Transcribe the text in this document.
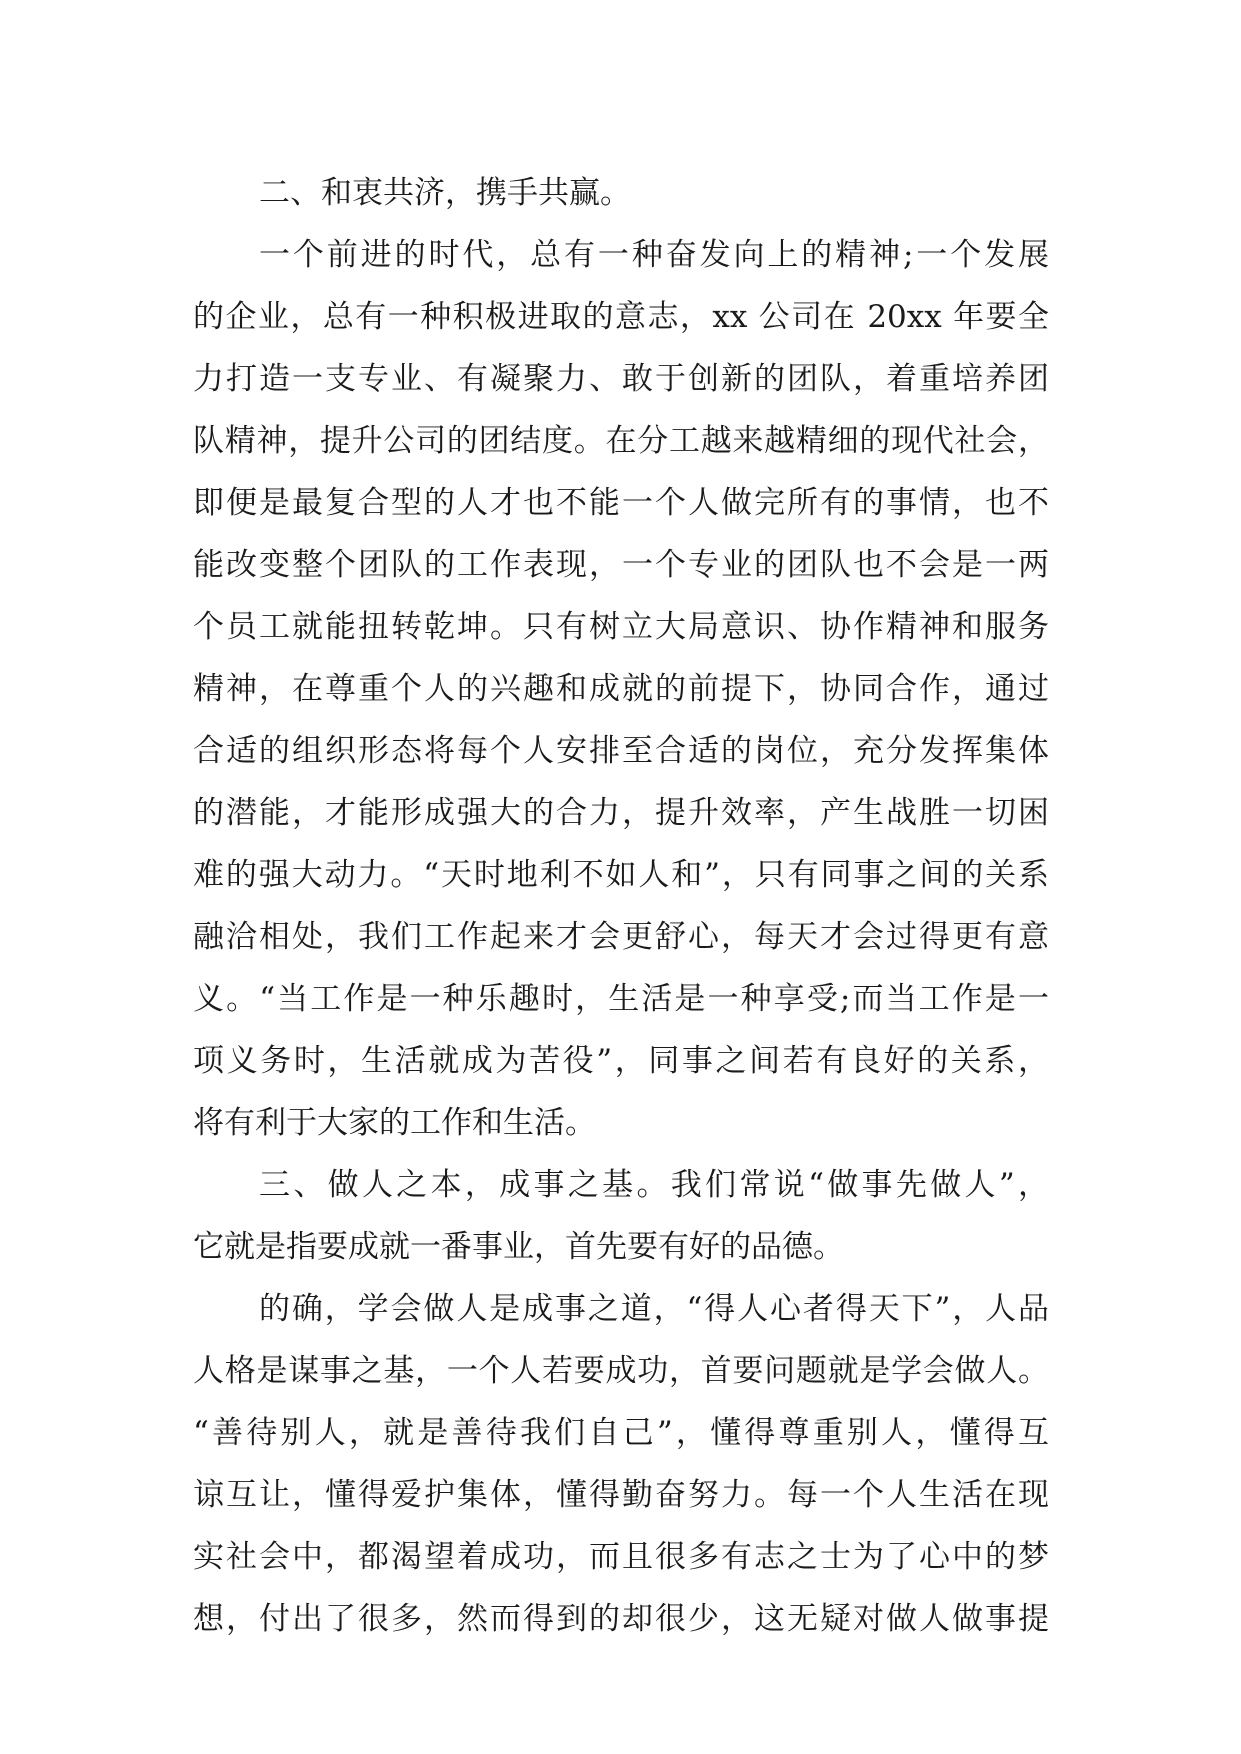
二、和衷共济，携手共赢。
一个前进的时代，总有一种奋发向上的精神;一个发展
的企业，总有一种积极进取的意志，xx 公司在 20xx 年要全
力打造一支专业、有凝聚力、敢于创新的团队，着重培养团
队精神，提升公司的团结度。在分工越来越精细的现代社会，
即便是最复合型的人才也不能一个人做完所有的事情，也不
能改变整个团队的工作表现，一个专业的团队也不会是一两
个员工就能扭转乾坤。只有树立大局意识、协作精神和服务
精神，在尊重个人的兴趣和成就的前提下，协同合作，通过
合适的组织形态将每个人安排至合适的岗位，充分发挥集体
的潜能，才能形成强大的合力，提升效率，产生战胜一切困
难的强大动力。“天时地利不如人和”，只有同事之间的关系
融洽相处，我们工作起来才会更舒心，每天才会过得更有意
义。“当工作是一种乐趣时，生活是一种享受;而当工作是一
项义务时，生活就成为苦役”，同事之间若有良好的关系，
将有利于大家的工作和生活。
三、做人之本，成事之基。我们常说“做事先做人”，
它就是指要成就一番事业，首先要有好的品德。
的确，学会做人是成事之道，“得人心者得天下”，人品
人格是谋事之基，一个人若要成功，首要问题就是学会做人。
“善待别人，就是善待我们自己”，懂得尊重别人，懂得互
谅互让，懂得爱护集体，懂得勤奋努力。每一个人生活在现
实社会中，都渴望着成功，而且很多有志之士为了心中的梦
想，付出了很多，然而得到的却很少，这无疑对做人做事提
